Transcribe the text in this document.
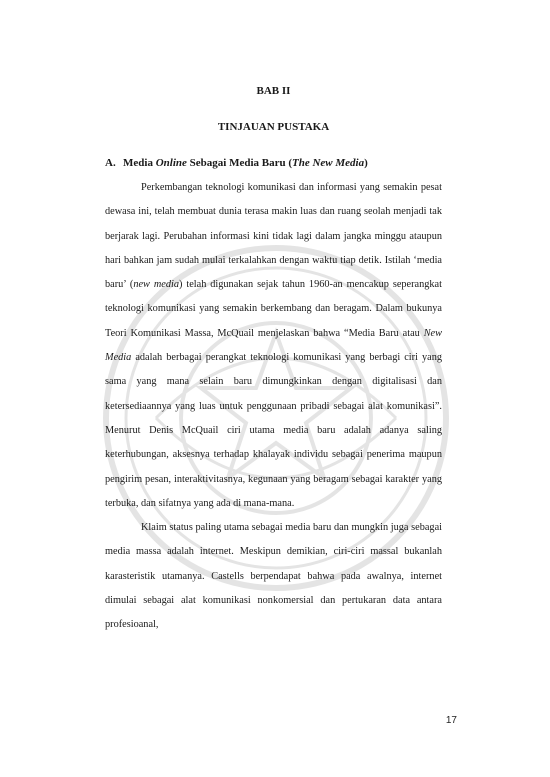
BAB II
TINJAUAN PUSTAKA
A. Media Online Sebagai Media Baru (The New Media)

Perkembangan teknologi komunikasi dan informasi yang semakin pesat dewasa ini, telah membuat dunia terasa makin luas dan ruang seolah menjadi tak berjarak lagi. Perubahan informasi kini tidak lagi dalam jangka minggu ataupun hari bahkan jam sudah mulai terkalahkan dengan waktu tiap detik. Istilah ‘media baru’ (new media) telah digunakan sejak tahun 1960-an mencakup seperangkat teknologi komunikasi yang semakin berkembang dan beragam. Dalam bukunya Teori Komunikasi Massa, McQuail menjelaskan bahwa “Media Baru atau New Media adalah berbagai perangkat teknologi komunikasi yang berbagi ciri yang sama yang mana selain baru dimungkinkan dengan digitalisasi dan ketersediaannya yang luas untuk penggunaan pribadi sebagai alat komunikasi”. Menurut Denis McQuail ciri utama media baru adalah adanya saling keterhubungan, aksesnya terhadap khalayak individu sebagai penerima maupun pengirim pesan, interaktivitasnya, kegunaan yang beragam sebagai karakter yang terbuka, dan sifatnya yang ada di mana-mana.

Klaim status paling utama sebagai media baru dan mungkin juga sebagai media massa adalah internet. Meskipun demikian, ciri-ciri massal bukanlah karasteristik utamanya. Castells berpendapat bahwa pada awalnya, internet dimulai sebagai alat komunikasi nonkomersial dan pertukaran data antara profesioanal,

17
